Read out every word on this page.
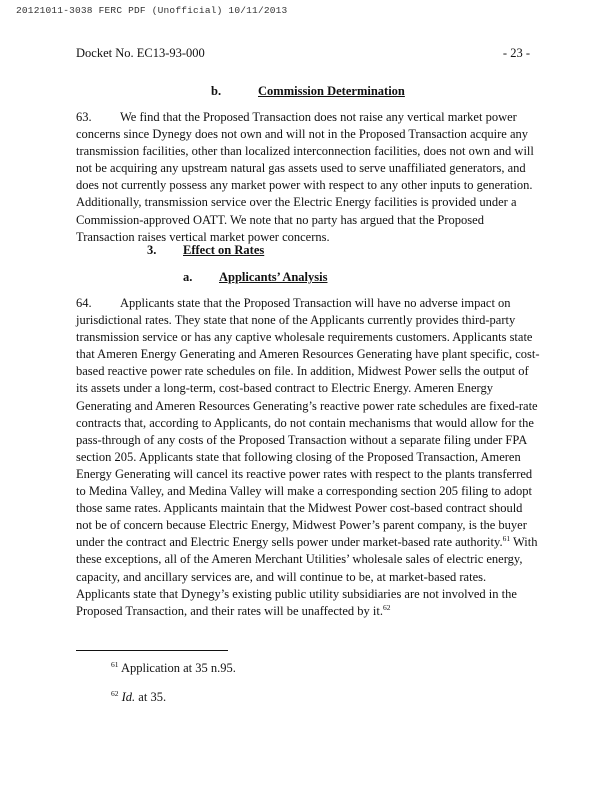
20121011-3038 FERC PDF (Unofficial) 10/11/2013
Docket No. EC13-93-000	- 23 -
b.	Commission Determination
63. We find that the Proposed Transaction does not raise any vertical market power concerns since Dynegy does not own and will not in the Proposed Transaction acquire any transmission facilities, other than localized interconnection facilities, does not own and will not be acquiring any upstream natural gas assets used to serve unaffiliated generators, and does not currently possess any market power with respect to any other inputs to generation. Additionally, transmission service over the Electric Energy facilities is provided under a Commission-approved OATT. We note that no party has argued that the Proposed Transaction raises vertical market power concerns.
3. Effect on Rates
a. Applicants’ Analysis
64. Applicants state that the Proposed Transaction will have no adverse impact on jurisdictional rates. They state that none of the Applicants currently provides third-party transmission service or has any captive wholesale requirements customers. Applicants state that Ameren Energy Generating and Ameren Resources Generating have plant specific, cost-based reactive power rate schedules on file. In addition, Midwest Power sells the output of its assets under a long-term, cost-based contract to Electric Energy. Ameren Energy Generating and Ameren Resources Generating’s reactive power rate schedules are fixed-rate contracts that, according to Applicants, do not contain mechanisms that would allow for the pass-through of any costs of the Proposed Transaction without a separate filing under FPA section 205. Applicants state that following closing of the Proposed Transaction, Ameren Energy Generating will cancel its reactive power rates with respect to the plants transferred to Medina Valley, and Medina Valley will make a corresponding section 205 filing to adopt those same rates. Applicants maintain that the Midwest Power cost-based contract should not be of concern because Electric Energy, Midwest Power’s parent company, is the buyer under the contract and Electric Energy sells power under market-based rate authority.$^{61}$ With these exceptions, all of the Ameren Merchant Utilities’ wholesale sales of electric energy, capacity, and ancillary services are, and will continue to be, at market-based rates. Applicants state that Dynegy’s existing public utility subsidiaries are not involved in the Proposed Transaction, and their rates will be unaffected by it.$^{62}$
$^{61}$ Application at 35 n.95.
$^{62}$ Id. at 35.
